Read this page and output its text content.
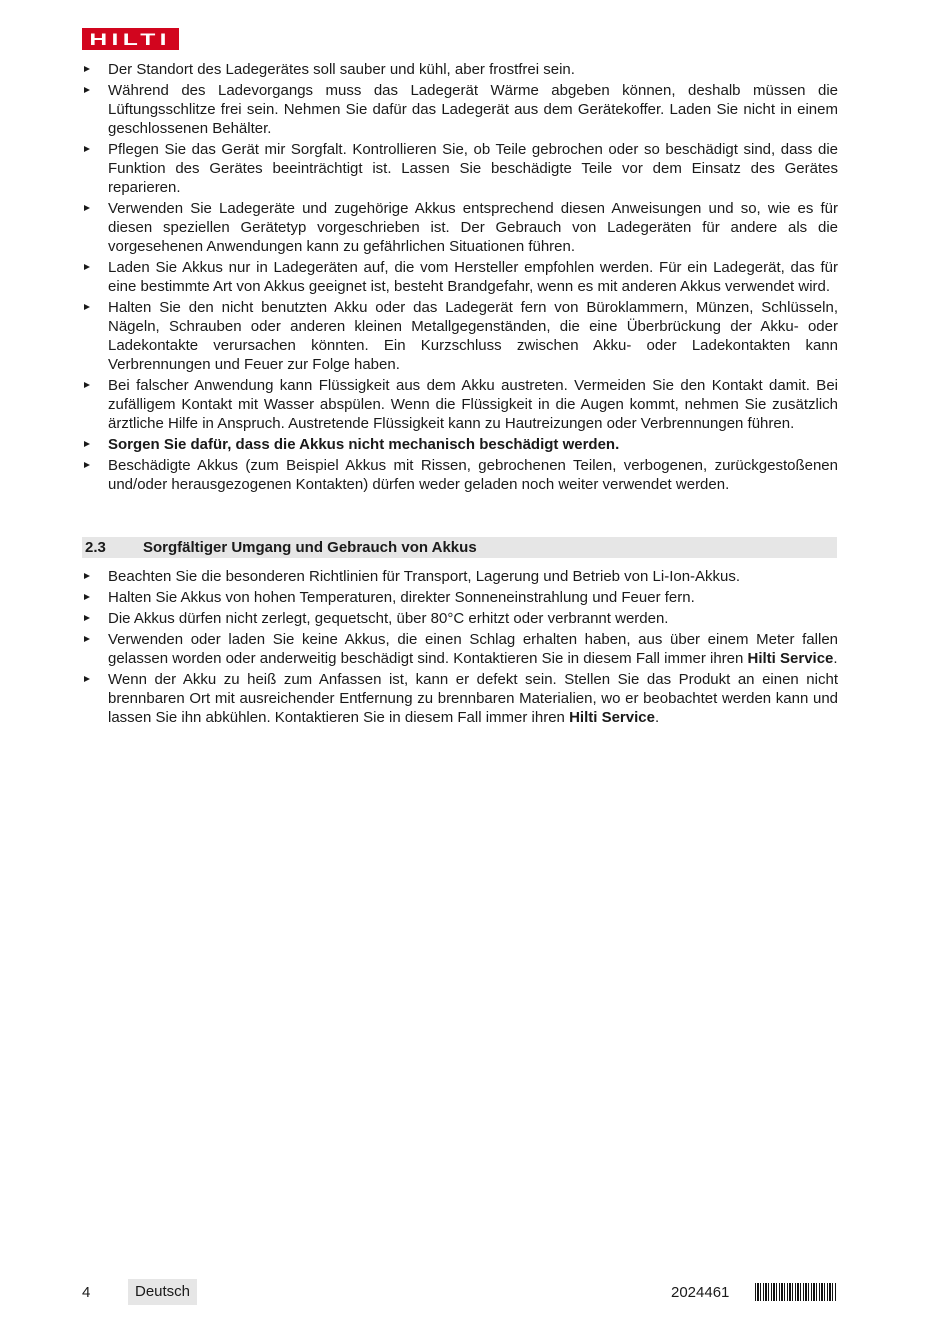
HILTI
Der Standort des Ladegerätes soll sauber und kühl, aber frostfrei sein.
Während des Ladevorgangs muss das Ladegerät Wärme abgeben können, deshalb müssen die Lüftungsschlitze frei sein. Nehmen Sie dafür das Ladegerät aus dem Gerätekoffer. Laden Sie nicht in einem geschlossenen Behälter.
Pflegen Sie das Gerät mir Sorgfalt. Kontrollieren Sie, ob Teile gebrochen oder so beschädigt sind, dass die Funktion des Gerätes beeinträchtigt ist. Lassen Sie beschädigte Teile vor dem Einsatz des Gerätes reparieren.
Verwenden Sie Ladegeräte und zugehörige Akkus entsprechend diesen Anweisungen und so, wie es für diesen speziellen Gerätetyp vorgeschrieben ist. Der Gebrauch von Ladegeräten für andere als die vorgesehenen Anwendungen kann zu gefährlichen Situationen führen.
Laden Sie Akkus nur in Ladegeräten auf, die vom Hersteller empfohlen werden. Für ein Ladegerät, das für eine bestimmte Art von Akkus geeignet ist, besteht Brandgefahr, wenn es mit anderen Akkus verwendet wird.
Halten Sie den nicht benutzten Akku oder das Ladegerät fern von Büroklammern, Münzen, Schlüsseln, Nägeln, Schrauben oder anderen kleinen Metallgegenständen, die eine Überbrückung der Akku- oder Ladekontakte verursachen könnten. Ein Kurzschluss zwischen Akku- oder Ladekontakten kann Verbrennungen und Feuer zur Folge haben.
Bei falscher Anwendung kann Flüssigkeit aus dem Akku austreten. Vermeiden Sie den Kontakt damit. Bei zufälligem Kontakt mit Wasser abspülen. Wenn die Flüssigkeit in die Augen kommt, nehmen Sie zusätzlich ärztliche Hilfe in Anspruch. Austretende Flüssigkeit kann zu Hautreizungen oder Verbrennungen führen.
Sorgen Sie dafür, dass die Akkus nicht mechanisch beschädigt werden.
Beschädigte Akkus (zum Beispiel Akkus mit Rissen, gebrochenen Teilen, verbogenen, zurückgestoßenen und/oder herausgezogenen Kontakten) dürfen weder geladen noch weiter verwendet werden.
2.3	Sorgfältiger Umgang und Gebrauch von Akkus
Beachten Sie die besonderen Richtlinien für Transport, Lagerung und Betrieb von Li-Ion-Akkus.
Halten Sie Akkus von hohen Temperaturen, direkter Sonneneinstrahlung und Feuer fern.
Die Akkus dürfen nicht zerlegt, gequetscht, über 80°C erhitzt oder verbrannt werden.
Verwenden oder laden Sie keine Akkus, die einen Schlag erhalten haben, aus über einem Meter fallen gelassen worden oder anderweitig beschädigt sind. Kontaktieren Sie in diesem Fall immer ihren Hilti Service.
Wenn der Akku zu heiß zum Anfassen ist, kann er defekt sein. Stellen Sie das Produkt an einen nicht brennbaren Ort mit ausreichender Entfernung zu brennbaren Materialien, wo er beobachtet werden kann und lassen Sie ihn abkühlen. Kontaktieren Sie in diesem Fall immer ihren Hilti Service.
4	Deutsch	2024461
